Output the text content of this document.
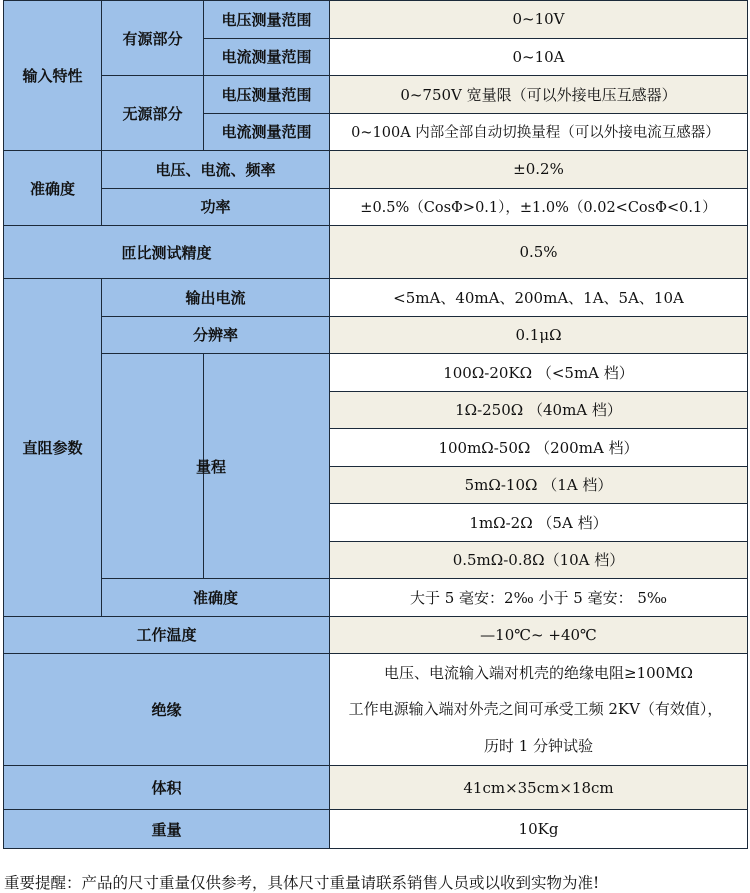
输入特性	有源部分	电压测量范围	0~10V
		电流测量范围	0~10A
	无源部分	电压测量范围	0~750V 宽量限（可以外接电压互感器）
		电流测量范围	0~100A 内部全部自动切换量程（可以外接电流互感器）
准确度	电压、电流、频率		±0.2%
	功率		±0.5%（CosΦ>0.1），±1.0%（0.02<CosΦ<0.1）
匝比测试精度			0.5%
直阻参数	输出电流		<5mA、40mA、200mA、1A、5A、10A
	分辨率		0.1μΩ
		量程	100Ω-20KΩ （<5mA 档）
			1Ω-250Ω （40mA 档）
			100mΩ-50Ω （200mA 档）
			5mΩ-10Ω （1A 档）
			1mΩ-2Ω （5A 档）
			0.5mΩ-0.8Ω（10A 档）
	准确度		大于 5 毫安：2‰ 小于 5 毫安： 5‰
工作温度			—10℃~ +40℃
绝缘			电压、电流输入端对机壳的绝缘电阻≥100MΩ
工作电源输入端对外壳之间可承受工频 2KV（有效值），
历时 1 分钟试验

体积			41cm×35cm×18cm
重量			10Kg
重要提醒：产品的尺寸重量仅供参考，具体尺寸重量请联系销售人员或以收到实物为准!
